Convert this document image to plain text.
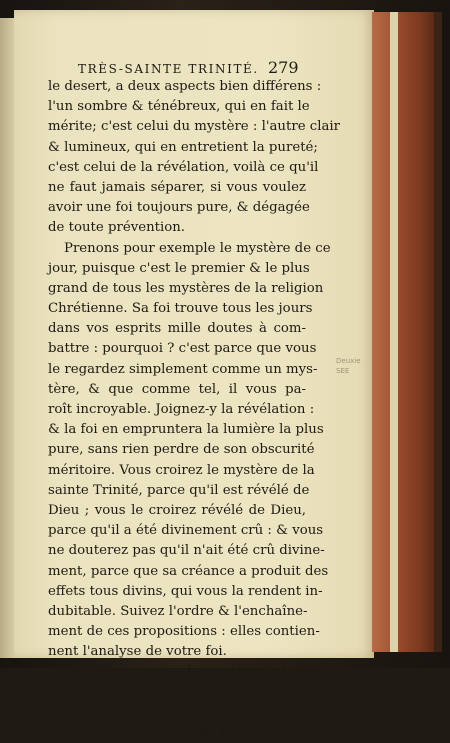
Deuxie
SEE
TRÈS-SAINTE TRINITÉ. 279
le desert, a deux aspects bien différens :
l'un sombre & ténébreux, qui en fait le
mérite; c'est celui du mystère : l'autre clair
& lumineux, qui en entretient la pureté;
c'est celui de la révélation, voilà ce qu'il
ne faut jamais séparer, si vous voulez
avoir une foi toujours pure, & dégagée
de toute prévention.
Prenons pour exemple le mystère de ce
jour, puisque c'est le premier & le plus
grand de tous les mystères de la religion
Chrétienne. Sa foi trouve tous les jours
dans vos esprits mille doutes à com-
battre : pourquoi ? c'est parce que vous
le regardez simplement comme un mys-
tère, & que comme tel, il vous pa-
roît incroyable. Joignez-y la révélation :
& la foi en empruntera la lumière la plus
pure, sans rien perdre de son obscurité
méritoire. Vous croirez le mystère de la
sainte Trinité, parce qu'il est révélé de
Dieu ; vous le croirez révélé de Dieu,
parce qu'il a été divinement crû : & vous
ne douterez pas qu'il n'ait été crû divine-
ment, parce que sa créance a produit des
effets tous divins, qui vous la rendent in-
dubitable. Suivez l'ordre & l'enchaîne-
ment de ces propositions : elles contien-
nent l'analyse de votre foi.
Oui : vous croirez le mystère de la sain-
te Trinité, parce qu'il est révélé de Dieu.
Eh! que croirez-vous donc, si vous ne
croyez pas les oracles de la vérité sur la
